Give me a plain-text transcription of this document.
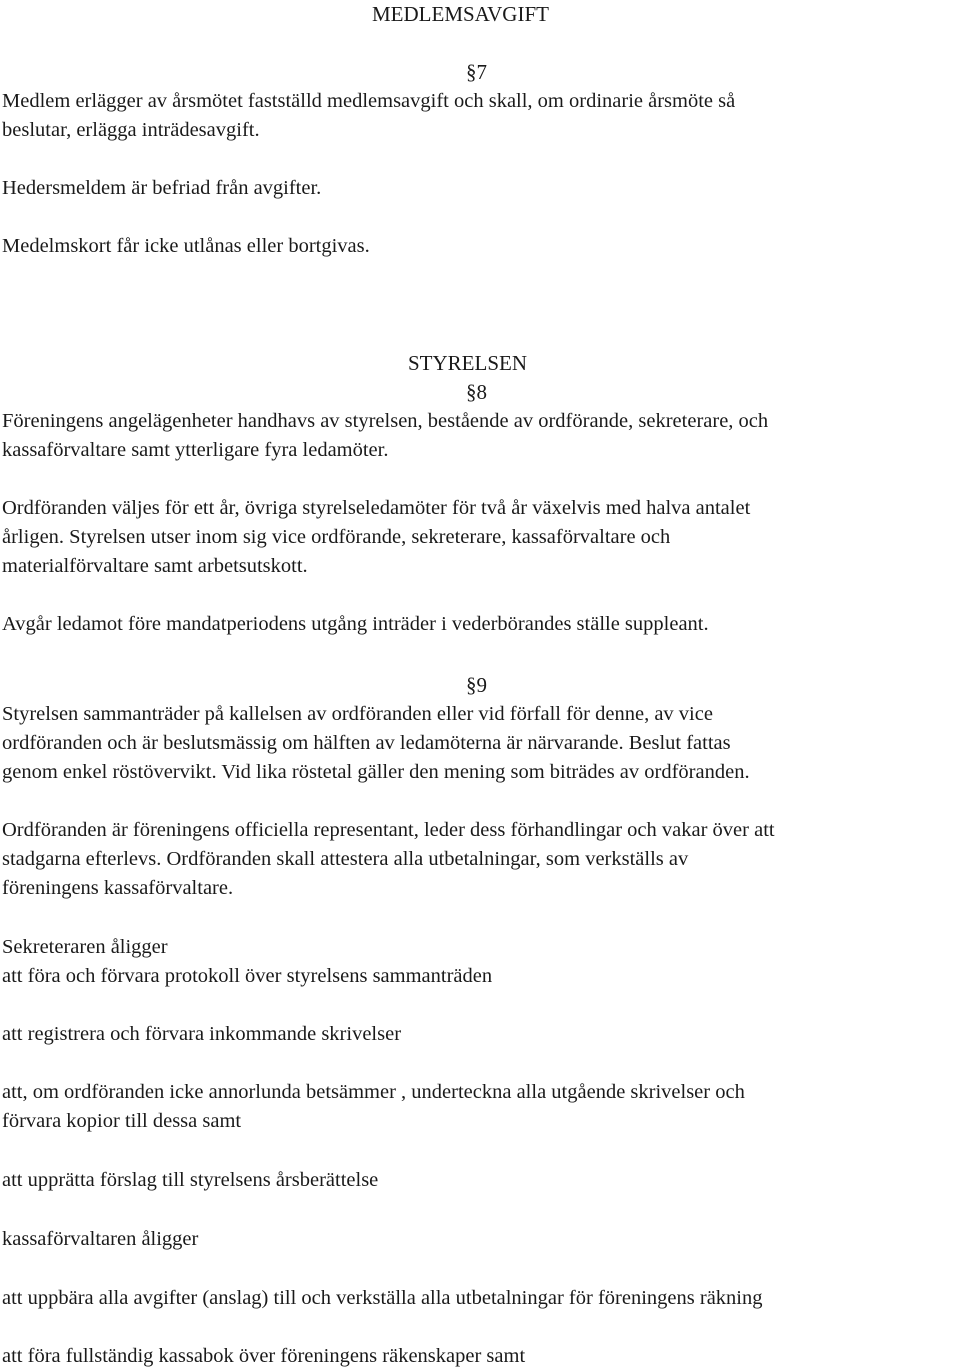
MEDLEMSAVGIFT

§7

Medlem erlägger av årsmötet fastställd medlemsavgift och skall, om ordinarie årsmöte så

beslutar, erlägga inträdesavgift.

Hedersmeldem är befriad från avgifter.

Medelmskort får icke utlånas eller bortgivas.

STYRELSEN

§8

Föreningens angelägenheter handhavs av styrelsen, bestående av ordförande, sekreterare, och

kassaförvaltare samt ytterligare fyra ledamöter.

Ordföranden väljes för ett år, övriga styrelseledamöter för två år växelvis med halva antalet

årligen. Styrelsen utser inom sig vice ordförande, sekreterare, kassaförvaltare och

materialförvaltare samt arbetsutskott.

Avgår ledamot före mandatperiodens utgång inträder i vederbörandes ställe suppleant.

§9

Styrelsen sammanträder på kallelsen av ordföranden eller vid förfall för denne, av vice

ordföranden och är beslutsmässig om hälften av ledamöterna är närvarande. Beslut fattas

genom enkel röstövervikt. Vid lika röstetal gäller den mening som biträdes av ordföranden.

Ordföranden är föreningens officiella representant, leder dess förhandlingar och vakar över att

stadgarna efterlevs. Ordföranden skall attestera alla utbetalningar, som verkställs av

föreningens kassaförvaltare.

Sekreteraren åligger

att föra och förvara protokoll över styrelsens sammanträden

att registrera och förvara inkommande skrivelser

att, om ordföranden icke annorlunda betsämmer , underteckna alla utgående skrivelser och

förvara kopior till dessa samt

att upprätta förslag till styrelsens årsberättelse

kassaförvaltaren åligger

att uppbära alla avgifter (anslag) till och verkställa alla utbetalningar för föreningens räkning

att föra fullständig kassabok över föreningens räkenskaper samt
